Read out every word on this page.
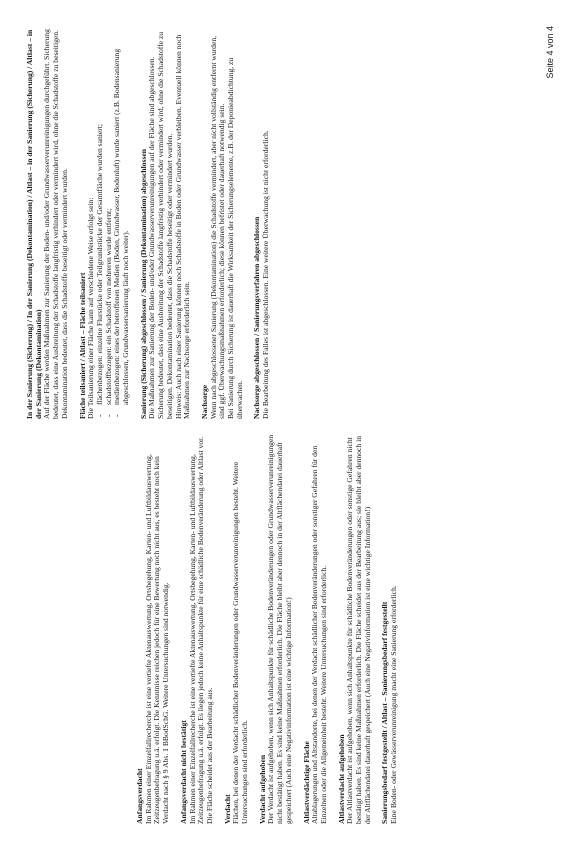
Anfangsverdacht Im Rahmen einer Einzelfallrecherche ist eine vertiefte Aktenauswertung, Ortsbegehung, Karten- und Luftbildauswertung, Zeitzeugenbefragung u.ä. erfolgt. Die Kenntnisse reichen jedoch für eine Bewertung noch nicht aus, es besteht noch kein Verdacht nach § 9 Abs. 1 BBodSchG. Weitere Untersuchungen sind notwendig. Anfangsverdacht nicht bestätigt Im Rahmen einer Einzelfallrecherche ist eine vertiefte Aktenauswertung, Ortsbegehung, Karten- und Luftbildauswertung, Zeitzeugenbefragung u.ä. erfolgt. Es liegen jedoch keine Anhaltspunkte für eine schädliche Bodenveränderung oder Altlast vor. Die Fläche scheidet aus der Bearbeitung aus. Verdacht Flächen, bei denen der Verdacht schädlicher Bodenveränderungen oder Grundwasserverunreinigungen besteht. Weitere Untersuchungen sind erforderlich. Verdacht aufgehoben Der Verdacht ist aufgehoben, wenn sich Anhaltspunkte für schädliche Bodenveränderungen oder Grundwasserverunreinigungen nicht bestätigt haben. Es sind keine Maßnahmen erforderlich. Die Fläche bleibt aber dennoch in der Altflächendatei dauerhaft gespeichert (Auch eine Negativinformation ist eine wichtige Information!) Altlastverdächtige Fläche Altablagerungen und Altstandorte, bei denen der Verdacht schädlicher Bodenveränderungen oder sonstiger Gefahren für den Einzelnen oder die Allgemeinheit besteht. Weitere Untersuchungen sind erforderlich. Altlastverdacht aufgehoben Der Altlastverdacht ist aufgehoben, wenn sich Anhaltspunkte für schädliche Bodenveränderungen oder sonstige Gefahren nicht bestätigt haben. Es sind keine Maßnahmen erforderlich. Die Fläche scheidet aus der Bearbeitung aus; sie bleibt aber dennoch in der Altflächendatei dauerhaft gespeichert (Auch eine Negativinformation ist eine wichtige Information!) Sanierungsbedarf festgestellt / Altlast – Sanierungsbedarf festgestellt Eine Boden- oder Gewässerverunreinigung macht eine Sanierung erforderlich.

In der Sanierung (Sicherung) / In der Sanierung (Dekontamination) / Altlast – in der Sanierung (Sicherung) / Altlast – in der Sanierung (Dekontamination) Auf der Fläche werden Maßnahmen zur Sanierung der Boden- und/oder Grundwasserverunreinigungen durchgeführt. Sicherung bedeutet, dass eine Ausbreitung der Schadstoffe langfristig verhindert oder vermindert wird, ohne die Schadstoffe zu beseitigen. Dekontamination bedeutet, dass die Schadstoffe beseitigt oder vermindert wurden. Fläche teilsaniert / Altlast – Fläche teilsaniert Die Teilsanierung einer Fläche kann auf verschiedene Weise erfolgt sein: - flächenbezogen: einzelne Flurstücke oder Teilgrundstücke der Gesamtfläche wurden saniert; - schadstoffbezogen: ein Schadstoff von mehreren wurde entfernt; - medienbezogen: eines der betroffenen Medien (Boden, Grundwasser, Bodenluft) wurde saniert (z.B. Bodensanierung abgeschlossen, Grundwassersanierung läuft noch weiter). Sanierung (Sicherung) abgeschlossen / Sanierung (Dekontamination) abgeschlossen Die Maßnahmen zur Sanierung der Boden- und/oder Grundwasserverunreinigungen auf der Fläche sind abgeschlossen. Sicherung bedeutet, dass eine Ausbreitung der Schadstoffe langfristig verhindert oder vermindert wird, ohne die Schadstoffe zu beseitigen. Dekontamination bedeutet, dass die Schadstoffe beseitigt oder vermindert wurden. Hinweis: Auch nach einer Sanierung können noch Schadstoffe in Boden oder Grundwasser verbleiben. Eventuell können noch Maßnahmen zur Nachsorge erforderlich sein. Nachsorge Wenn nach abgeschlossener Sanierung (Dekontamination) die Schadstoffe vermindert, aber nicht vollständig entfernt wurden, sind ggf. Überwachungsmaßnahmen erforderlich; diese können befristet oder dauerhaft notwendig sein. Bei Sanierung durch Sicherung ist dauerhaft die Wirksamkeit der Sicherungselemente, z.B. der Deponieabdichtung, zu überwachen. Nachsorge abgeschlossen / Sanierungsverfahren abgeschlossen Die Bearbeitung des Falles ist abgeschlossen. Eine weitere Überwachung ist nicht erforderlich.

Seite 4 von 4
